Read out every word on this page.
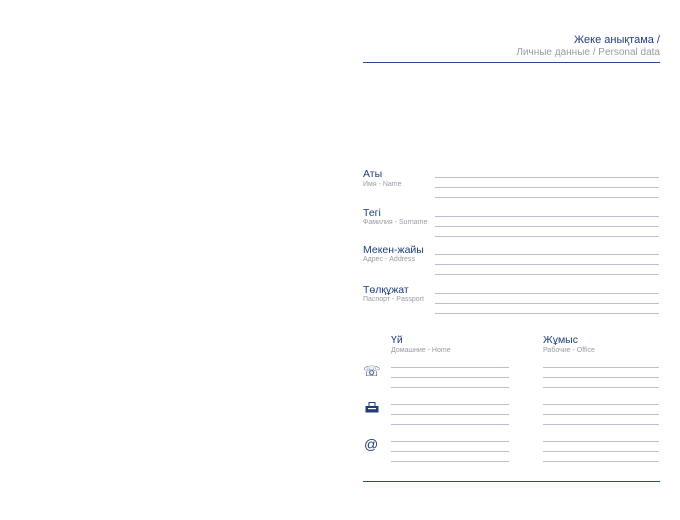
Жеке анықтама /
Личные данные / Personal data
Аты
Имя - Name
Тегі
Фамилия - Surname
Мекен-жайы
Адрес - Address
Төлқұжат
Паспорт - Passport
Үй
Домашние - Home
Жұмыс
Рабочие - Office
☏
@
